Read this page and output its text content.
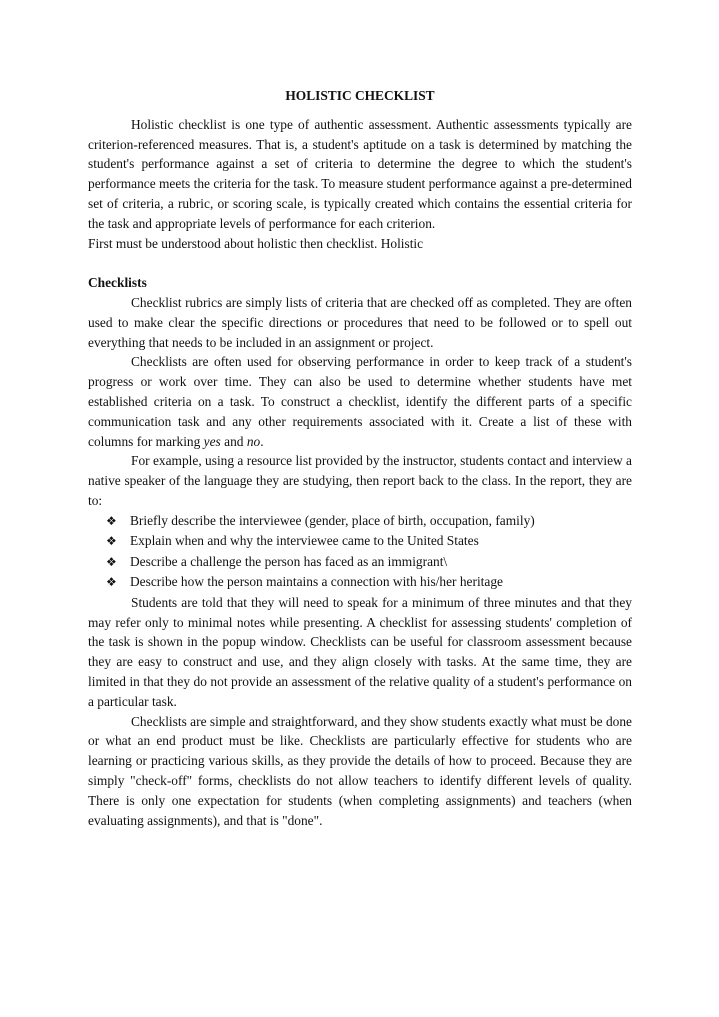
HOLISTIC CHECKLIST

Holistic checklist is one type of authentic assessment. Authentic assessments typically are criterion-referenced measures. That is, a student's aptitude on a task is determined by matching the student's performance against a set of criteria to determine the degree to which the student's performance meets the criteria for the task. To measure student performance against a pre-determined set of criteria, a rubric, or scoring scale, is typically created which contains the essential criteria for the task and appropriate levels of performance for each criterion.

First must be understood about holistic then checklist. Holistic

Checklists

Checklist rubrics are simply lists of criteria that are checked off as completed. They are often used to make clear the specific directions or procedures that need to be followed or to spell out everything that needs to be included in an assignment or project.

Checklists are often used for observing performance in order to keep track of a student's progress or work over time. They can also be used to determine whether students have met established criteria on a task. To construct a checklist, identify the different parts of a specific communication task and any other requirements associated with it. Create a list of these with columns for marking yes and no.

For example, using a resource list provided by the instructor, students contact and interview a native speaker of the language they are studying, then report back to the class. In the report, they are to:

❖ Briefly describe the interviewee (gender, place of birth, occupation, family)
❖ Explain when and why the interviewee came to the United States
❖ Describe a challenge the person has faced as an immigrant\
❖ Describe how the person maintains a connection with his/her heritage

Students are told that they will need to speak for a minimum of three minutes and that they may refer only to minimal notes while presenting. A checklist for assessing students' completion of the task is shown in the popup window. Checklists can be useful for classroom assessment because they are easy to construct and use, and they align closely with tasks. At the same time, they are limited in that they do not provide an assessment of the relative quality of a student's performance on a particular task.

Checklists are simple and straightforward, and they show students exactly what must be done or what an end product must be like. Checklists are particularly effective for students who are learning or practicing various skills, as they provide the details of how to proceed. Because they are simply "check-off" forms, checklists do not allow teachers to identify different levels of quality. There is only one expectation for students (when completing assignments) and teachers (when evaluating assignments), and that is "done".
